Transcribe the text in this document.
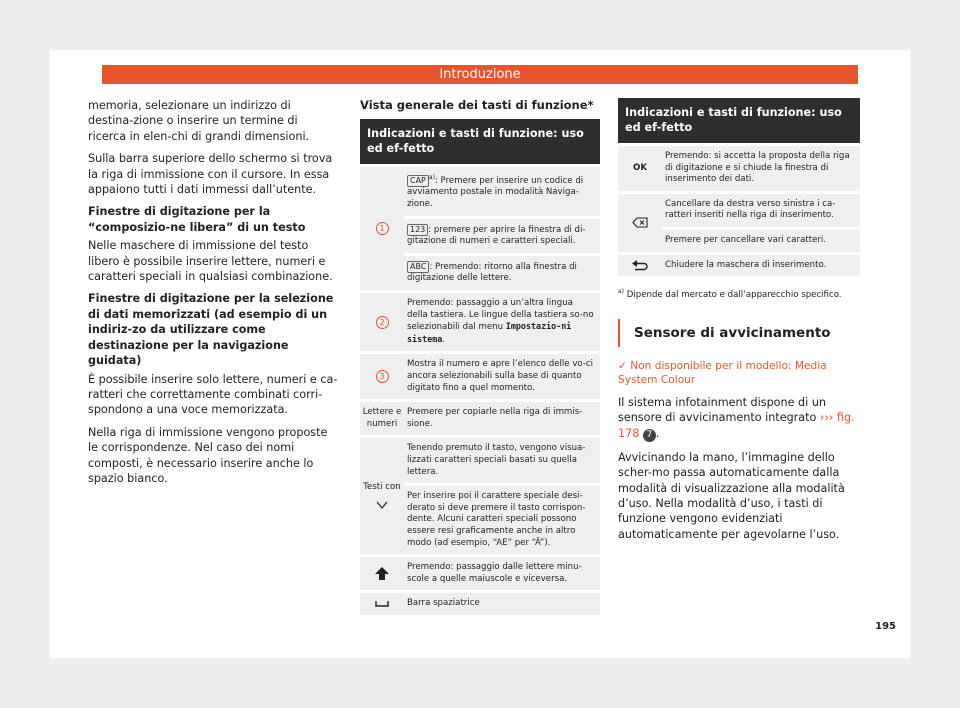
Introduzione

memoria, selezionare un indirizzo di destina-zione o inserire un termine di ricerca in elen-chi di grandi dimensioni.

Sulla barra superiore dello schermo si trova la riga di immissione con il cursore. In essa appaiono tutti i dati immessi dall’utente.

Finestre di digitazione per la “composizio-ne libera” di un testo

Nelle maschere di immissione del testo libero è possibile inserire lettere, numeri e caratteri speciali in qualsiasi combinazione.

Finestre di digitazione per la selezione di dati memorizzati (ad esempio di un indiriz-zo da utilizzare come destinazione per la navigazione guidata)

È possibile inserire solo lettere, numeri e ca-ratteri che correttamente combinati corri-spondono a una voce memorizzata.

Nella riga di immissione vengono proposte le corrispondenze. Nel caso dei nomi composti, è necessario inserire anche lo spazio bianco.

Vista generale dei tasti di funzione*
Indicazioni e tasti di funzione: uso ed ef-fetto
1
CAP $^{a)}$: Premere per inserire un codice di avviamento postale in modalità Naviga-zione.
123 : premere per aprire la finestra di di-gitazione di numeri e caratteri speciali.
ABC : Premendo: ritorno alla finestra di digitazione delle lettere.
2
Premendo: passaggio a un’altra lingua della tastiera. Le lingue della tastiera so-no selezionabili dal menu Impostazio-ni sistema.
3
Mostra il numero e apre l’elenco delle vo-ci ancora selezionabili sulla base di quanto digitato fino a quel momento.
Lettere e numeri
Premere per copiarle nella riga di immis-sione.
Testi con
Tenendo premuto il tasto, vengono visua-lizzati caratteri speciali basati su quella lettera.
Per inserire poi il carattere speciale desi-derato si deve premere il tasto corrispon-dente. Alcuni caratteri speciali possono essere resi graficamente anche in altro modo (ad esempio, “AE” per “Ä”).
Premendo: passaggio dalle lettere minu-scole a quelle maiuscole e viceversa.
Barra spaziatrice
Indicazioni e tasti di funzione: uso ed ef-fetto
OK
Premendo: si accetta la proposta della riga di digitazione e si chiude la finestra di inserimento dei dati.
Cancellare da destra verso sinistra i ca-ratteri inseriti nella riga di inserimento.
Premere per cancellare vari caratteri.
Chiudere la maschera di inserimento.

$^{a)}$ Dipende dal mercato e dall’apparecchio specifico.

Sensore di avvicinamento
✓ Non disponibile per il modello: Media System Colour

Il sistema infotainment dispone di un sensore di avvicinamento integrato ››› fig. 178 7 .

Avvicinando la mano, l’immagine dello scher-mo passa automaticamente dalla modalità di visualizzazione alla modalità d’uso. Nella modalità d’uso, i tasti di funzione vengono evidenziati automaticamente per agevolarne l’uso.

195
